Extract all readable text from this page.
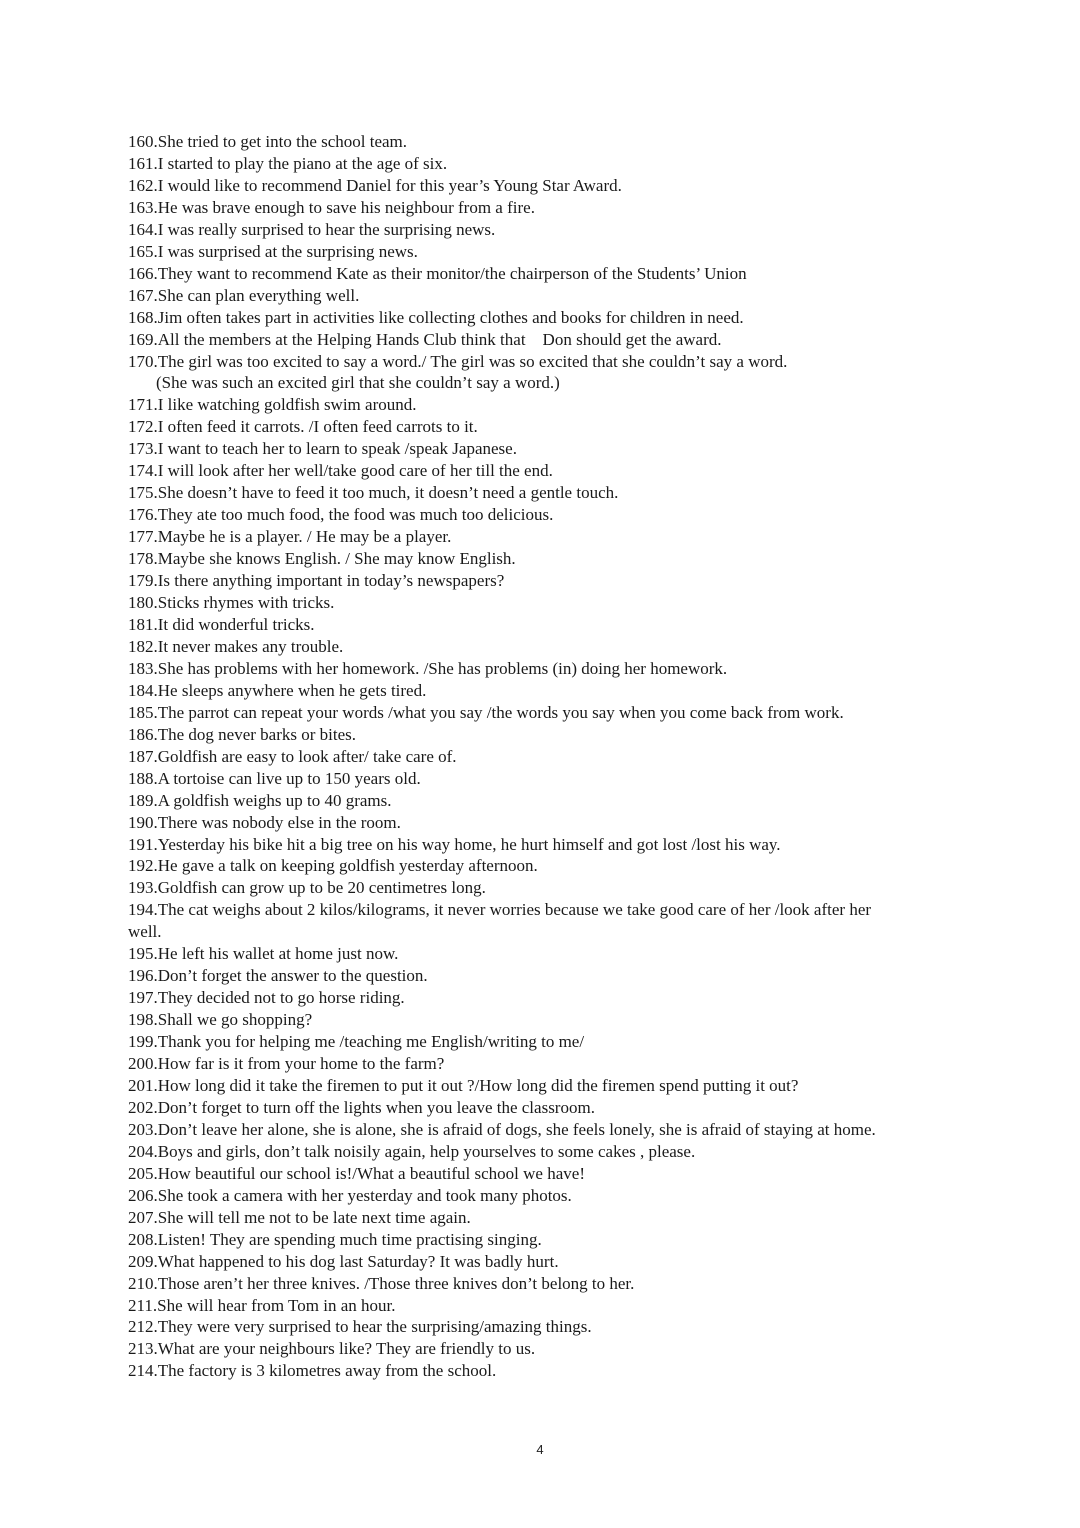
160.She tried to get into the school team.
161.I started to play the piano at the age of six.
162.I would like to recommend Daniel for this year’s Young Star Award.
163.He was brave enough to save his neighbour from a fire.
164.I was really surprised to hear the surprising news.
165.I was surprised at the surprising news.
166.They want to recommend Kate as their monitor/the chairperson of the Students’ Union
167.She can plan everything well.
168.Jim often takes part in activities like collecting clothes and books for children in need.
169.All the members at the Helping Hands Club think that    Don should get the award.
170.The girl was too excited to say a word./ The girl was so excited that she couldn’t say a word.
(She was such an excited girl that she couldn’t say a word.)
171.I like watching goldfish swim around.
172.I often feed it carrots. /I often feed carrots to it.
173.I want to teach her to learn to speak /speak Japanese.
174.I will look after her well/take good care of her till the end.
175.She doesn’t have to feed it too much, it doesn’t need a gentle touch.
176.They ate too much food, the food was much too delicious.
177.Maybe he is a player. / He may be a player.
178.Maybe she knows English. / She may know English.
179.Is there anything important in today’s newspapers?
180.Sticks rhymes with tricks.
181.It did wonderful tricks.
182.It never makes any trouble.
183.She has problems with her homework. /She has problems (in) doing her homework.
184.He sleeps anywhere when he gets tired.
185.The parrot can repeat your words /what you say /the words you say when you come back from work.
186.The dog never barks or bites.
187.Goldfish are easy to look after/ take care of.
188.A tortoise can live up to 150 years old.
189.A goldfish weighs up to 40 grams.
190.There was nobody else in the room.
191.Yesterday his bike hit a big tree on his way home, he hurt himself and got lost /lost his way.
192.He gave a talk on keeping goldfish yesterday afternoon.
193.Goldfish can grow up to be 20 centimetres long.
194.The cat weighs about 2 kilos/kilograms, it never worries because we take good care of her /look after her
well.
195.He left his wallet at home just now.
196.Don’t forget the answer to the question.
197.They decided not to go horse riding.
198.Shall we go shopping?
199.Thank you for helping me /teaching me English/writing to me/
200.How far is it from your home to the farm?
201.How long did it take the firemen to put it out ?/How long did the firemen spend putting it out?
202.Don’t forget to turn off the lights when you leave the classroom.
203.Don’t leave her alone, she is alone, she is afraid of dogs, she feels lonely, she is afraid of staying at home.
204.Boys and girls, don’t talk noisily again, help yourselves to some cakes , please.
205.How beautiful our school is!/What a beautiful school we have!
206.She took a camera with her yesterday and took many photos.
207.She will tell me not to be late next time again.
208.Listen! They are spending much time practising singing.
209.What happened to his dog last Saturday? It was badly hurt.
210.Those aren’t her three knives. /Those three knives don’t belong to her.
211.She will hear from Tom in an hour.
212.They were very surprised to hear the surprising/amazing things.
213.What are your neighbours like? They are friendly to us.
214.The factory is 3 kilometres away from the school.
4
